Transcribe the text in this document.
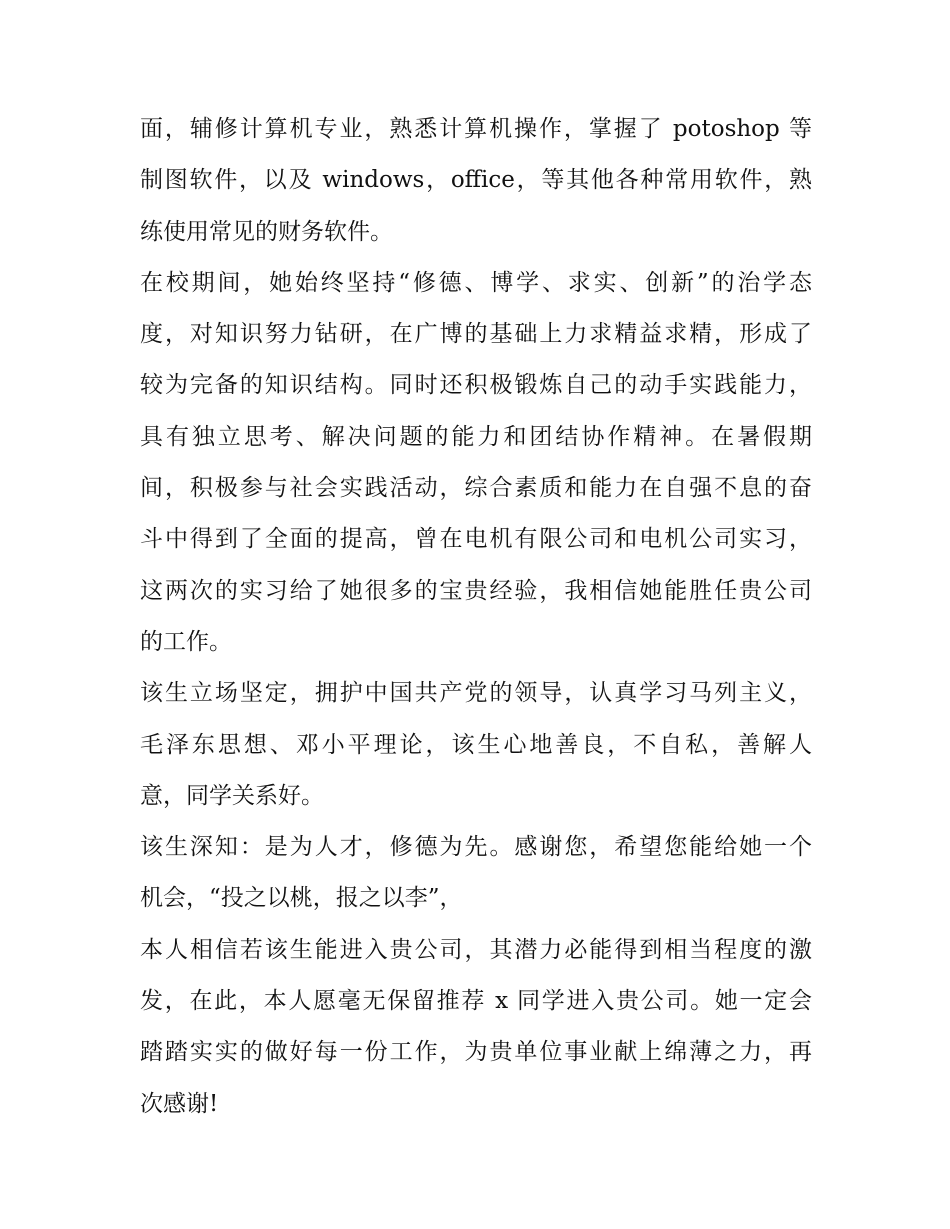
面，辅修计算机专业，熟悉计算机操作，掌握了 potoshop 等
制图软件，以及 windows，office，等其他各种常用软件，熟
练使用常见的财务软件。
在校期间，她始终坚持“修德、博学、求实、创新”的治学态
度，对知识努力钻研，在广博的基础上力求精益求精，形成了
较为完备的知识结构。同时还积极锻炼自己的动手实践能力，
具有独立思考、解决问题的能力和团结协作精神。在暑假期
间，积极参与社会实践活动，综合素质和能力在自强不息的奋
斗中得到了全面的提高，曾在电机有限公司和电机公司实习，
这两次的实习给了她很多的宝贵经验，我相信她能胜任贵公司
的工作。
该生立场坚定，拥护中国共产党的领导，认真学习马列主义，
毛泽东思想、邓小平理论，该生心地善良，不自私，善解人
意，同学关系好。
该生深知：是为人才，修德为先。感谢您，希望您能给她一个
机会，“投之以桃，报之以李”，
本人相信若该生能进入贵公司，其潜力必能得到相当程度的激
发，在此，本人愿毫无保留推荐 x 同学进入贵公司。她一定会
踏踏实实的做好每一份工作，为贵单位事业献上绵薄之力，再
次感谢!
